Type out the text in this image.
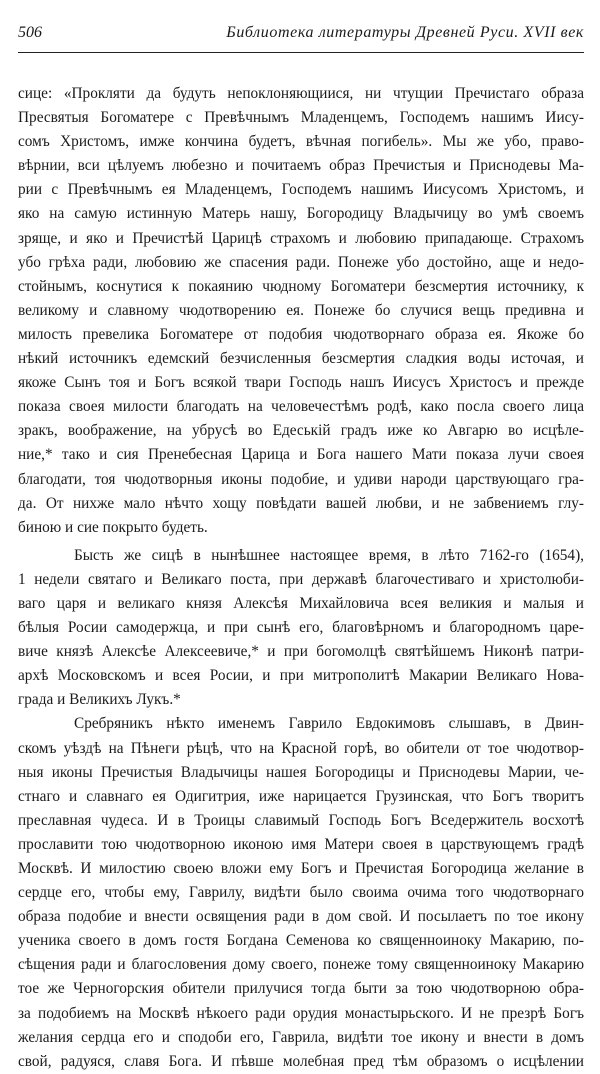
506	Библиотека литературы Древней Руси. XVII век
сице: «Прокляти да будуть непоклоняющиися, ни чтущии Пречистаго образа
Пресвятыя Богоматере с Превѣчнымъ Младенцемъ, Господемъ нашимъ Иису-
сомъ Христомъ, имже кончина будетъ, вѣчная погибель». Мы же убо, право-
вѣрнии, вси цѣлуемъ любезно и почитаемъ образ Пречистыя и Приснодевы Ма-
рии с Превѣчнымъ ея Младенцемъ, Господемъ нашимъ Иисусомъ Христомъ, и
яко на самую истинную Матерь нашу, Богородицу Владычицу во умѣ своемъ
зряще, и яко и Пречистѣй Царицѣ страхомъ и любовию припадающе. Страхомъ
убо грѣха ради, любовию же спасения ради. Понеже убо достойно, аще и недо-
стойнымъ, коснутися к покаянию чюдному Богоматери безсмертия источнику, к
великому и славному чюдотворению ея. Понеже бо случися вещь предивна и
милость превелика Богоматере от подобия чюдотворнаго образа ея. Якоже бо
нѣкий источникъ едемский безчисленныя безсмертия сладкия воды источая, и
якоже Сынъ тоя и Богъ всякой твари Господь нашъ Иисусъ Христосъ и прежде
показа своея милости благодать на человечестѣмъ родѣ, како посла своего лица
зракъ, воображение, на убрусѣ во Едеськiй градъ иже ко Авгарю во исцѣле-
ние,* тако и сия Пренебесная Царица и Бога нашего Мати показа лучи своея
благодати, тоя чюдотворныя иконы подобие, и удиви народи царствующаго гра-
да. От нихже мало нѣчто хощу повѣдати вашей любви, и не забвениемъ глу-
биною и сие покрыто будеть.
Бысть же сицѣ в нынѣшнее настоящее время, в лѣто 7162-го (1654),
1 недели святаго и Великаго поста, при державѣ благочестиваго и христолюби-
ваго царя и великаго князя Алексѣя Михайловича всея великия и малыя и
бѣлыя Росии самодержца, и при сынѣ его, благовѣрномъ и благородномъ царе-
виче князѣ Алексѣе Алексеевиче,* и при богомолцѣ святѣйшемъ Никонѣ патри-
архѣ Московскомъ и всея Росии, и при митрополитѣ Макарии Великаго Нова-
града и Великихъ Лукъ.*
Сребряникъ нѣкто именемъ Гаврило Евдокимовъ слышавъ, в Двин-
скомъ уѣздѣ на Пѣнеги рѣцѣ, что на Красной горѣ, во обители от тое чюдотвор-
ныя иконы Пречистыя Владычицы нашея Богородицы и Приснодевы Марии, че-
стнаго и славнаго ея Одигитрия, иже нарицается Грузинская, что Богъ творитъ
преславная чудеса. И в Троицы славимый Господь Богъ Вседержитель восхотѣ
прославити тою чюдотворною иконою имя Матери своея в царствующемъ градѣ
Москвѣ. И милостию своею вложи ему Богъ и Пречистая Богородица желание в
сердце его, чтобы ему, Гаврилу, видѣти было своима очима того чюдотворнаго
образа подобие и внести освящения ради в дом свой. И посылаетъ по тое икону
ученика своего в домъ гостя Богдана Семенова ко священноиноку Макарию, по-
сѣщения ради и благословения дому своего, понеже тому священноиноку Макарию
тое же Черногорския обители прилучися тогда быти за тою чюдотворною обра-
за подобиемъ на Москвѣ нѣкоего ради орудия монастырьского. И не презрѣ Богъ
желания сердца его и сподоби его, Гаврила, видѣти тое икону и внести в домъ
свой, радуяся, славя Бога. И пѣвше молебная пред тѣм образомъ о исцѣлении
